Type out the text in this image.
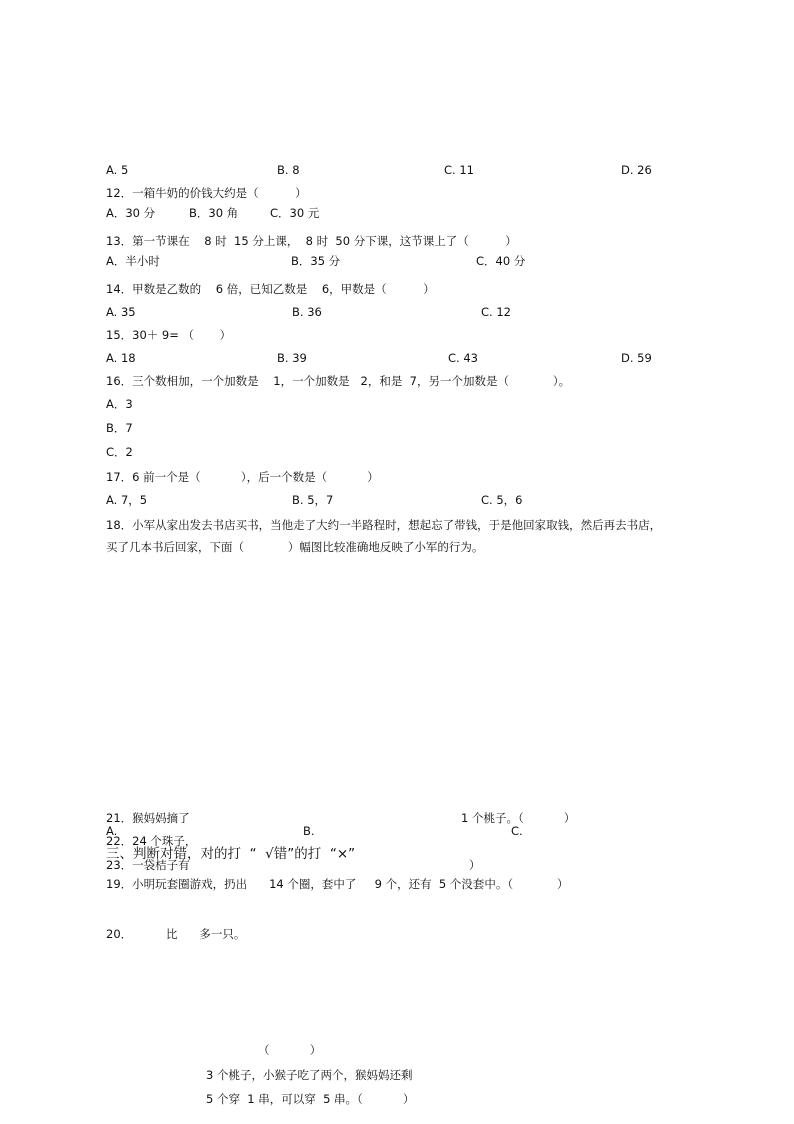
A. 5	B. 8	C. 11	D. 26
12．一箱牛奶的价钱大约是（          ）
A．30 分	B．30 角	C．30 元
13．第一节课在    8 时  15 分上课，  8 时  50 分下课，这节课上了（          ）
A．半小时	B．35 分	C．40 分
14．甲数是乙数的    6 倍，已知乙数是    6，甲数是（          ）
A. 35	B. 36	C. 12
15．30＋ 9= （       ）
A. 18	B. 39	C. 43	D. 59
16．三个数相加，一个加数是    1，一个加数是   2，和是  7，另一个加数是（            ）。
A．3
B．7
C．2
17．6 前一个是（           ），后一个数是（           ）
A. 7，5	B. 5，7	C. 5，6
18．小军从家出发去书店买书，当他走了大约一半路程时，想起忘了带钱，于是他回家取钱，然后再去书店，
买了几本书后回家，下面（            ）幅图比较准确地反映了小军的行为。
21．猴妈妈摘了	1 个桃子。（           ）
A.	B.	C.
22．24 个珠子，
三、判断对错，对的打  “  √错”的打  “×”
23．一袋桔子有	）
19．小明玩套圈游戏，扔出      14 个圈，套中了     9 个，还有  5 个没套中。（            ）
20．	比      多一只。
（           ）
3 个桃子，小猴子吃了两个，猴妈妈还剩
5 个穿  1 串，可以穿  5 串。（           ）
